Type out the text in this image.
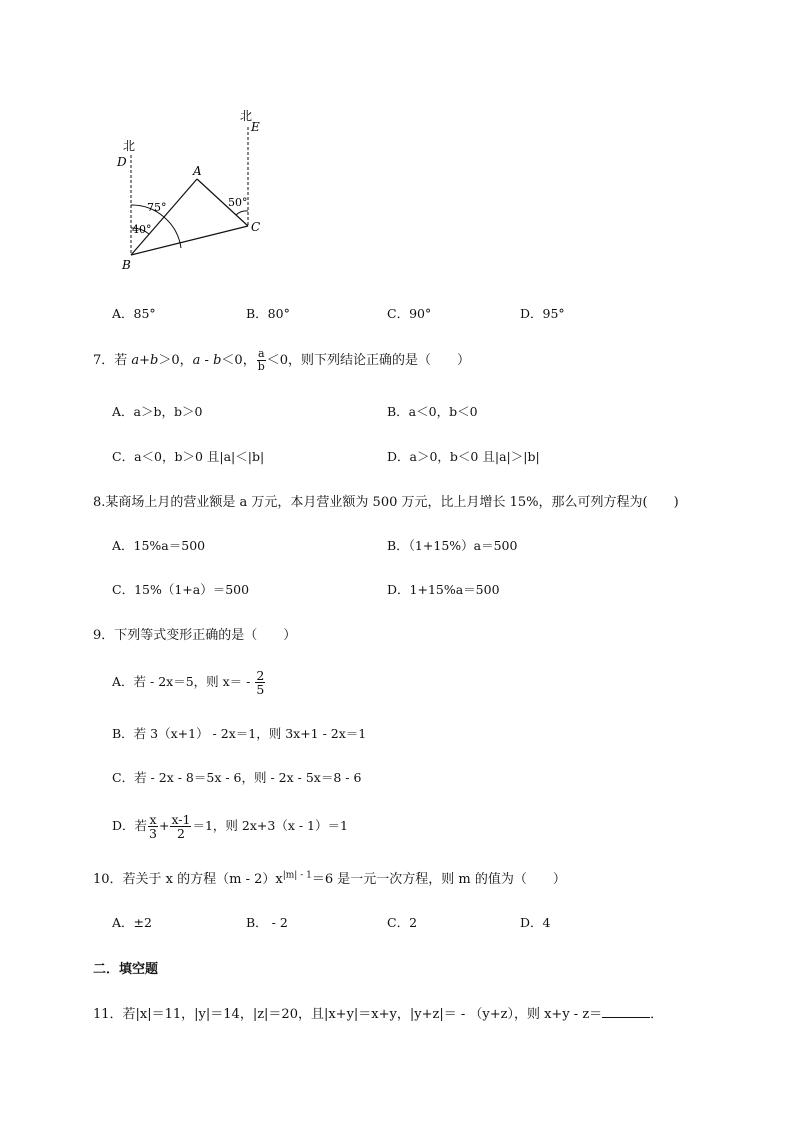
北
北
D
E
A
B
C
75°
40°
50°
A．85°	B．80°	C．90°	D．95°
7．若 a+b＞0，a - b＜0， $\frac{a}{b} <0$，则下列结论正确的是（　　）
A．a＞b，b＞0	B．a＜0，b＜0
C．a＜0，b＞0 且|a|＜|b|	D．a＞0，b＜0 且|a|＞|b|
8.某商场上月的营业额是 a 万元，本月营业额为 500 万元，比上月增长 15%，那么可列方程为(　　)
A．15%a＝500	B．（1+15%）a＝500
C．15%（1+a）＝500	D．1+15%a＝500
9．下列等式变形正确的是（　　）
A．若 - 2x＝5，则 $x= - \frac{2}{5}$
B．若 3（x+1） - 2x＝1，则 3x+1 - 2x＝1
C．若 - 2x - 8＝5x - 6，则 - 2x - 5x＝8 - 6
D．若 $\frac{x}{3} + \frac{x-1}{2} =1$，则 2x+3（x - 1）＝1
10．若关于 x 的方程$(m - 2)x^{|m| - 1}=6$ 是一元一次方程，则 m 的值为（　　）
A．±2	B． - 2	C．2	D．4
二．填空题
11．若|x|＝11，|y|＝14，|z|＝20，且|x+y|＝x+y，|y+z|＝ - （y+z），则 x+y - z＝	．
